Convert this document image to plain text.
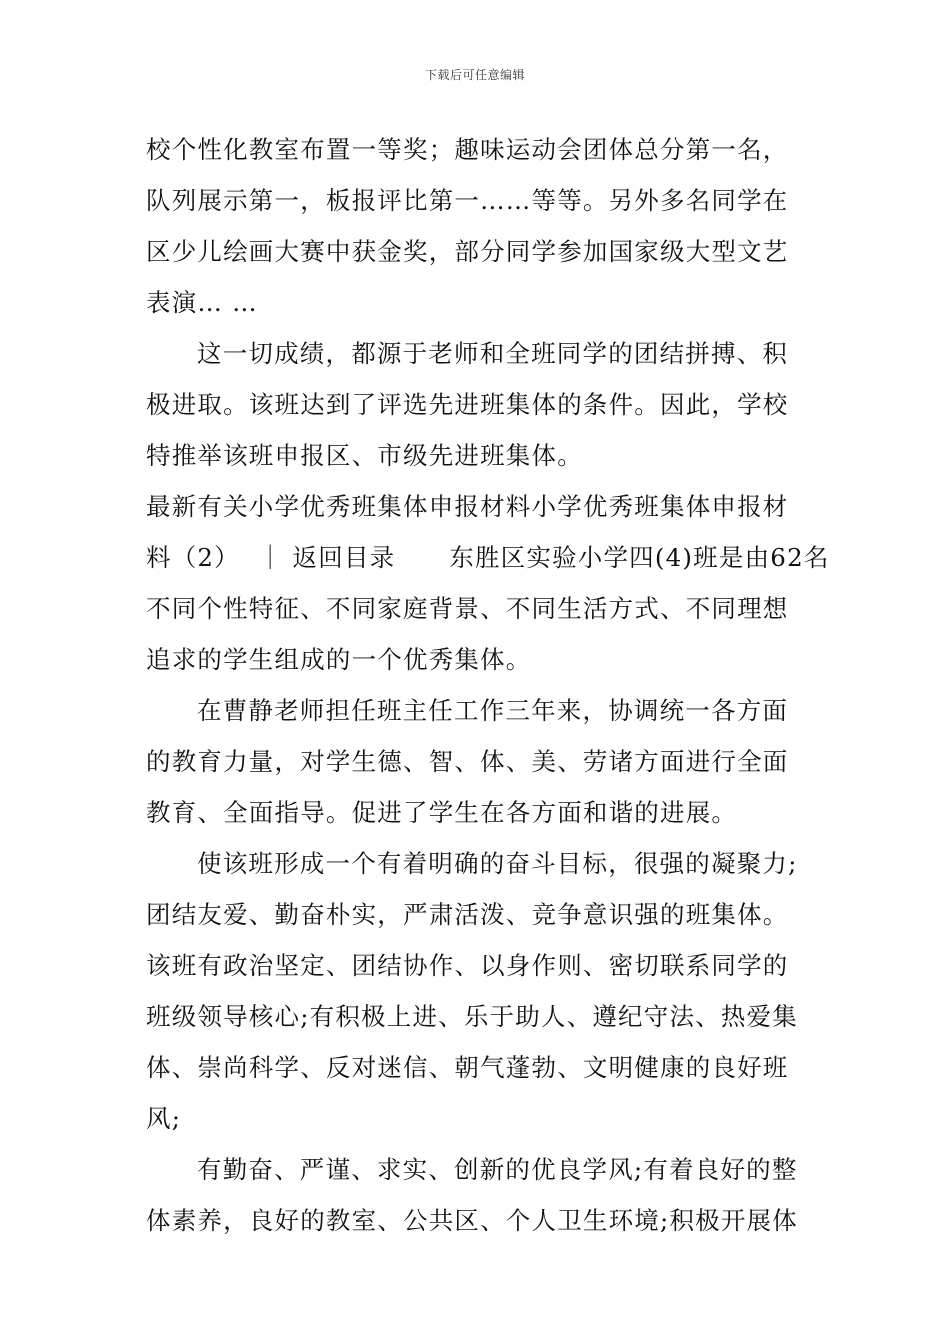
下载后可任意编辑
校个性化教室布置一等奖；趣味运动会团体总分第一名，
队列展示第一，板报评比第一……等等。另外多名同学在
区少儿绘画大赛中获金奖，部分同学参加国家级大型文艺
表演… …
这一切成绩，都源于老师和全班同学的团结拼搏、积
极进取。该班达到了评选先进班集体的条件。因此，学校
特推举该班申报区、市级先进班集体。
最新有关小学优秀班集体申报材料小学优秀班集体申报材
料（2）  ｜ 返回目录      东胜区实验小学四(4)班是由62名
不同个性特征、不同家庭背景、不同生活方式、不同理想
追求的学生组成的一个优秀集体。
在曹静老师担任班主任工作三年来，协调统一各方面
的教育力量，对学生德、智、体、美、劳诸方面进行全面
教育、全面指导。促进了学生在各方面和谐的进展。
使该班形成一个有着明确的奋斗目标，很强的凝聚力;
团结友爱、勤奋朴实，严肃活泼、竞争意识强的班集体。
该班有政治坚定、团结协作、以身作则、密切联系同学的
班级领导核心;有积极上进、乐于助人、遵纪守法、热爱集
体、崇尚科学、反对迷信、朝气蓬勃、文明健康的良好班
风;
有勤奋、严谨、求实、创新的优良学风;有着良好的整
体素养，良好的教室、公共区、个人卫生环境;积极开展体
